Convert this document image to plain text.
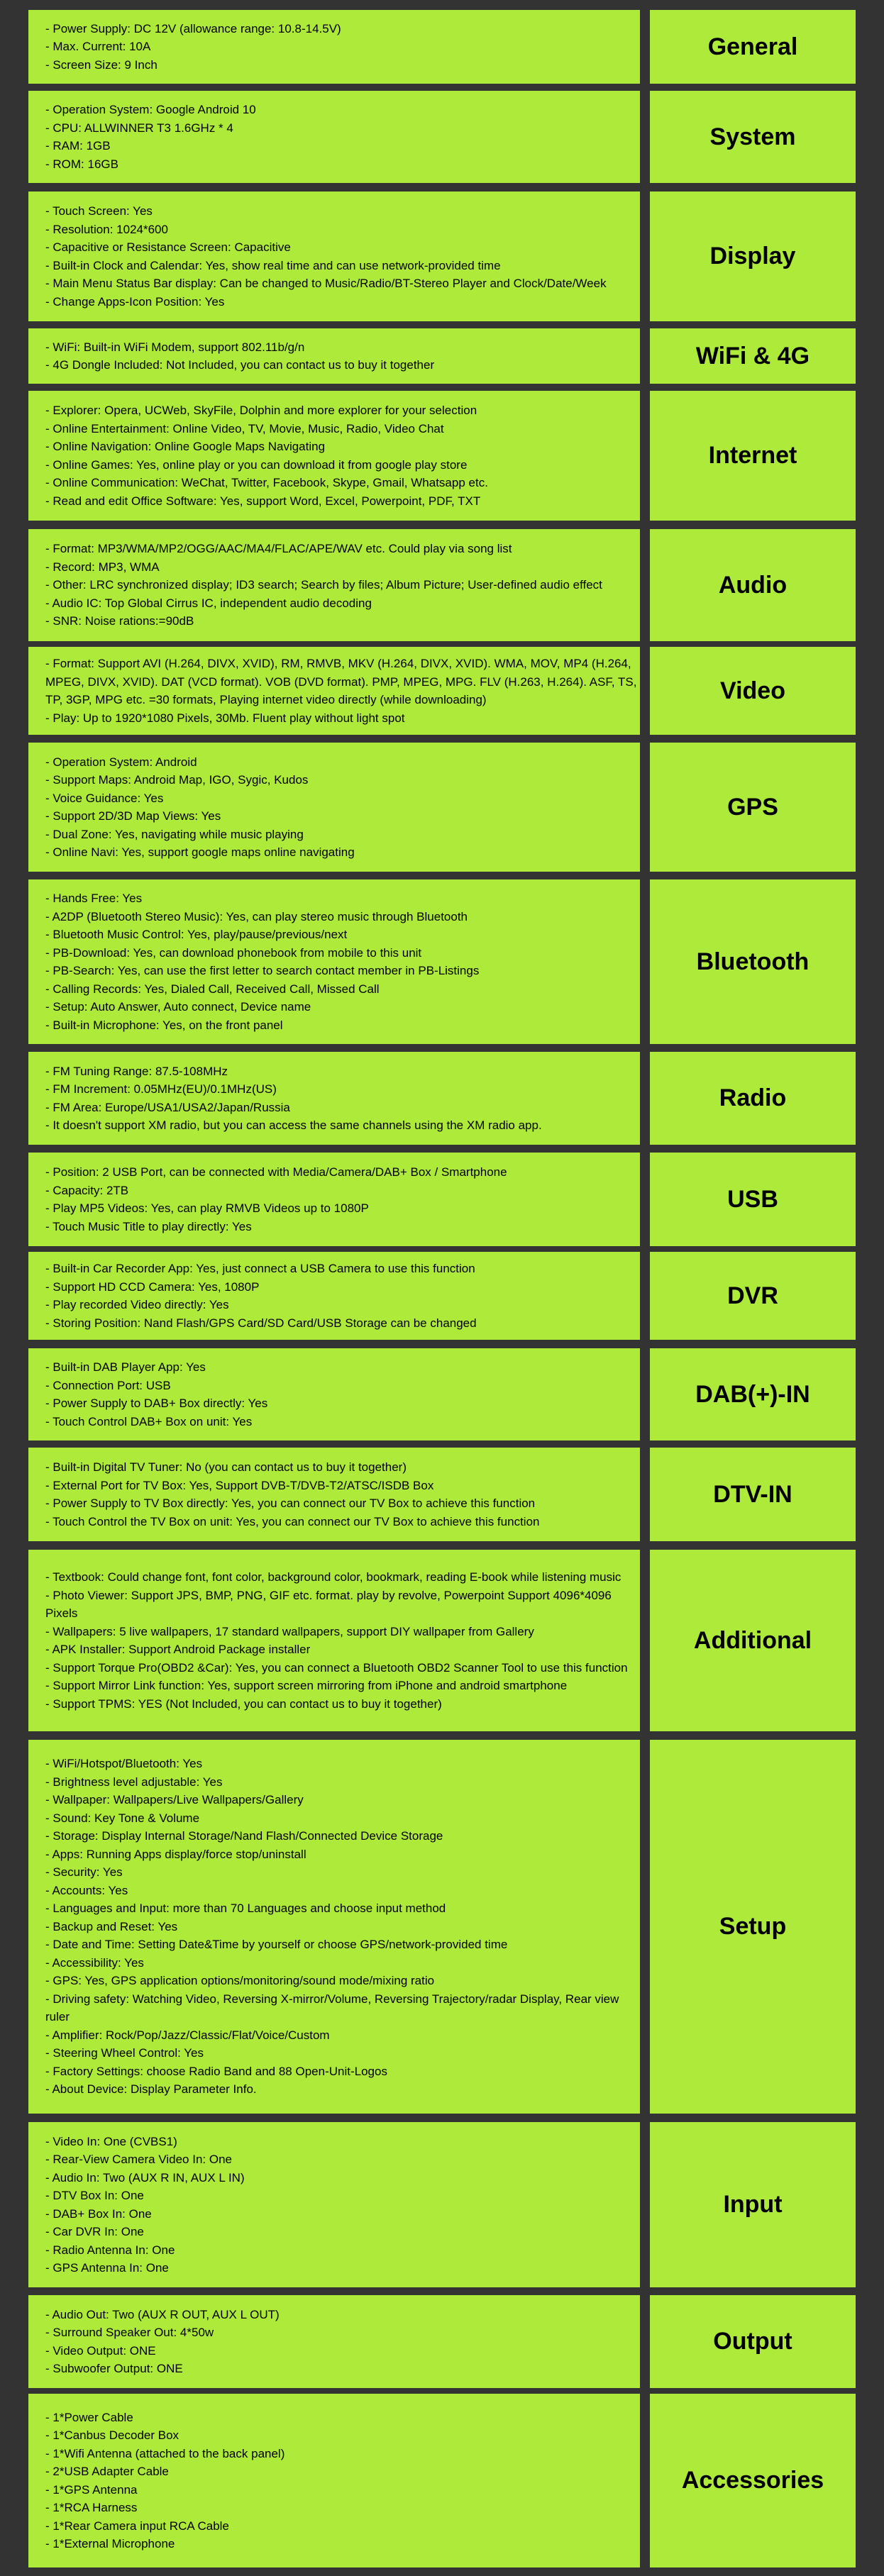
- Power Supply: DC 12V (allowance range: 10.8-14.5V)

- Max. Current: 10A

- Screen Size: 9 Inch

General

- Operation System: Google Android 10

- CPU: ALLWINNER T3 1.6GHz * 4

- RAM: 1GB

- ROM: 16GB

System

- Touch Screen: Yes

- Resolution: 1024*600

- Capacitive or Resistance Screen: Capacitive

- Built-in Clock and Calendar: Yes, show real time and can use network-provided time

- Main Menu Status Bar display: Can be changed to Music/Radio/BT-Stereo Player and Clock/Date/Week

- Change Apps-Icon Position: Yes

Display

- WiFi: Built-in WiFi Modem, support 802.11b/g/n

- 4G Dongle Included: Not Included, you can contact us to buy it together	WiFi & 4G

- Explorer: Opera, UCWeb, SkyFile, Dolphin and more explorer for your selection

- Online Entertainment: Online Video, TV, Movie, Music, Radio, Video Chat

- Online Navigation: Online Google Maps Navigating

- Online Games: Yes, online play or you can download it from google play store

- Online Communication: WeChat, Twitter, Facebook, Skype, Gmail, Whatsapp etc.

- Read and edit Office Software: Yes, support Word, Excel, Powerpoint, PDF, TXT

Internet

- Format: MP3/WMA/MP2/OGG/AAC/MA4/FLAC/APE/WAV etc. Could play via song list

- Record: MP3, WMA

- Other: LRC synchronized display; ID3 search; Search by files; Album Picture; User-defined audio effect

- Audio IC: Top Global Cirrus IC, independent audio decoding

- SNR: Noise rations:=90dB

Audio

- Format: Support AVI (H.264, DIVX, XVID), RM, RMVB, MKV (H.264, DIVX, XVID). WMA, MOV, MP4 (H.264, MPEG, DIVX, XVID). DAT (VCD format). VOB (DVD format). PMP, MPEG, MPG. FLV (H.263, H.264). ASF, TS, TP, 3GP, MPG etc. =30 formats, Playing internet video directly (while downloading)

- Play: Up to 1920*1080 Pixels, 30Mb. Fluent play without light spot

Video

- Operation System: Android

- Support Maps: Android Map, IGO, Sygic, Kudos

- Voice Guidance: Yes

- Support 2D/3D Map Views: Yes

- Dual Zone: Yes, navigating while music playing

- Online Navi: Yes, support google maps online navigating

GPS

- Hands Free: Yes

- A2DP (Bluetooth Stereo Music): Yes, can play stereo music through Bluetooth

- Bluetooth Music Control: Yes, play/pause/previous/next

- PB-Download: Yes, can download phonebook from mobile to this unit

- PB-Search: Yes, can use the first letter to search contact member in PB-Listings

- Calling Records: Yes, Dialed Call, Received Call, Missed Call

- Setup: Auto Answer, Auto connect, Device name

- Built-in Microphone: Yes, on the front panel

Bluetooth

- FM Tuning Range: 87.5-108MHz

- FM Increment: 0.05MHz(EU)/0.1MHz(US)

- FM Area: Europe/USA1/USA2/Japan/Russia

- It doesn't support XM radio, but you can access the same channels using the XM radio app.

Radio

- Position: 2 USB Port, can be connected with Media/Camera/DAB+ Box / Smartphone

- Capacity: 2TB

- Play MP5 Videos: Yes, can play RMVB Videos up to 1080P

- Touch Music Title to play directly: Yes

USB

- Built-in Car Recorder App: Yes, just connect a USB Camera to use this function

- Support HD CCD Camera: Yes, 1080P

- Play recorded Video directly: Yes

- Storing Position: Nand Flash/GPS Card/SD Card/USB Storage can be changed

DVR

- Built-in DAB Player App: Yes

- Connection Port: USB

- Power Supply to DAB+ Box directly: Yes

- Touch Control DAB+ Box on unit: Yes

DAB(+)-IN

- Built-in Digital TV Tuner: No (you can contact us to buy it together)

- External Port for TV Box: Yes, Support DVB-T/DVB-T2/ATSC/ISDB Box

- Power Supply to TV Box directly: Yes, you can connect our TV Box to achieve this function

- Touch Control the TV Box on unit: Yes, you can connect our TV Box to achieve this function

DTV-IN

- Textbook: Could change font, font color, background color, bookmark, reading E-book while listening music

- Photo Viewer: Support JPS, BMP, PNG, GIF etc. format. play by revolve, Powerpoint Support 4096*4096 Pixels

- Wallpapers: 5 live wallpapers, 17 standard wallpapers, support DIY wallpaper from Gallery

- APK Installer: Support Android Package installer

- Support Torque Pro(OBD2 &Car): Yes, you can connect a Bluetooth OBD2 Scanner Tool to use this function

- Support Mirror Link function: Yes, support screen mirroring from iPhone and android smartphone

- Support TPMS: YES (Not Included, you can contact us to buy it together)

Additional

- WiFi/Hotspot/Bluetooth: Yes

- Brightness level adjustable: Yes

- Wallpaper: Wallpapers/Live Wallpapers/Gallery

- Sound: Key Tone & Volume

- Storage: Display Internal Storage/Nand Flash/Connected Device Storage

- Apps: Running Apps display/force stop/uninstall

- Security: Yes

- Accounts: Yes

- Languages and Input: more than 70 Languages and choose input method

- Backup and Reset: Yes

- Date and Time: Setting Date&Time by yourself or choose GPS/network-provided time

- Accessibility: Yes

- GPS: Yes, GPS application options/monitoring/sound mode/mixing ratio

- Driving safety: Watching Video, Reversing X-mirror/Volume, Reversing Trajectory/radar Display, Rear view ruler

- Amplifier: Rock/Pop/Jazz/Classic/Flat/Voice/Custom

- Steering Wheel Control: Yes

- Factory Settings: choose Radio Band and 88 Open-Unit-Logos

- About Device: Display Parameter Info.

Setup

- Video In: One (CVBS1)

- Rear-View Camera Video In: One

- Audio In: Two (AUX R IN, AUX L IN)

- DTV Box In: One

- DAB+ Box In: One

- Car DVR In: One

- Radio Antenna In: One

- GPS Antenna In: One

Input

- Audio Out: Two (AUX R OUT, AUX L OUT)

- Surround Speaker Out: 4*50w

- Video Output: ONE

- Subwoofer Output: ONE

Output

- 1*Power Cable

- 1*Canbus Decoder Box

- 1*Wifi Antenna (attached to the back panel)

- 2*USB Adapter Cable

- 1*GPS Antenna

- 1*RCA Harness

- 1*Rear Camera input RCA Cable

- 1*External Microphone

Accessories
